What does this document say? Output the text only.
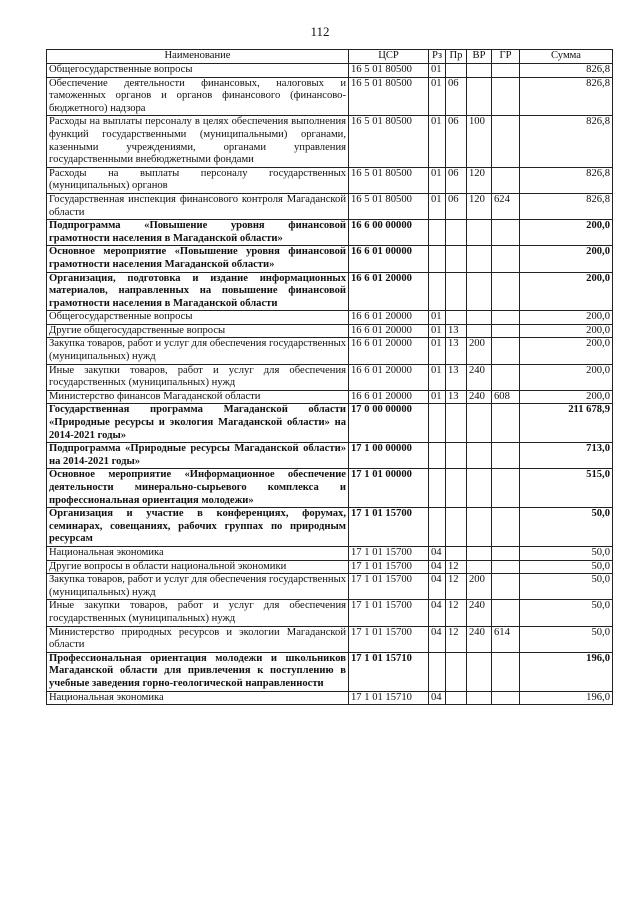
112
Наименование	ЦСР	Рз	Пр	ВР	ГР	Сумма
Общегосударственные вопросы	16 5 01 80500	01				826,8
Обеспечение деятельности финансовых, налоговых и таможенных органов и органов финансового (финансово-бюджетного) надзора	16 5 01 80500	01	06			826,8
Расходы на выплаты персоналу в целях обеспечения выполнения функций государственными (муниципальными) органами, казенными учреждениями, органами управления государственными внебюджетными фондами	16 5 01 80500	01	06	100		826,8
Расходы на выплаты персоналу государственных (муниципальных) органов	16 5 01 80500	01	06	120		826,8
Государственная инспекция финансового контроля Магаданской области	16 5 01 80500	01	06	120	624	826,8
Подпрограмма «Повышение уровня финансовой грамотности населения в Магаданской области»	16 6 00 00000					200,0
Основное мероприятие «Повышение уровня финансовой грамотности населения Магаданской области»	16 6 01 00000					200,0
Организация, подготовка и издание информационных материалов, направленных на повышение финансовой грамотности населения в Магаданской области	16 6 01 20000					200,0
Общегосударственные вопросы	16 6 01 20000	01				200,0
Другие общегосударственные вопросы	16 6 01 20000	01	13			200,0
Закупка товаров, работ и услуг для обеспечения государственных (муниципальных) нужд	16 6 01 20000	01	13	200		200,0
Иные закупки товаров, работ и услуг для обеспечения государственных (муниципальных) нужд	16 6 01 20000	01	13	240		200,0
Министерство финансов Магаданской области	16 6 01 20000	01	13	240	608	200,0
Государственная программа Магаданской области «Природные ресурсы и экология Магаданской области» на 2014-2021 годы»	17 0 00 00000					211 678,9
Подпрограмма «Природные ресурсы Магаданской области» на 2014-2021 годы»	17 1 00 00000					713,0
Основное мероприятие «Информационное обеспечение деятельности минерально-сырьевого комплекса и профессиональная ориентация молодежи»	17 1 01 00000					515,0
Организация и участие в конференциях, форумах, семинарах, совещаниях, рабочих группах по природным ресурсам	17 1 01 15700					50,0
Национальная экономика	17 1 01 15700	04				50,0
Другие вопросы в области национальной экономики	17 1 01 15700	04	12			50,0
Закупка товаров, работ и услуг для обеспечения государственных (муниципальных) нужд	17 1 01 15700	04	12	200		50,0
Иные закупки товаров, работ и услуг для обеспечения государственных (муниципальных) нужд	17 1 01 15700	04	12	240		50,0
Министерство природных ресурсов и экологии Магаданской области	17 1 01 15700	04	12	240	614	50,0
Профессиональная ориентация молодежи и школьников Магаданской области для привлечения к поступлению в учебные заведения горно-геологической направленности	17 1 01 15710					196,0
Национальная экономика	17 1 01 15710	04				196,0
